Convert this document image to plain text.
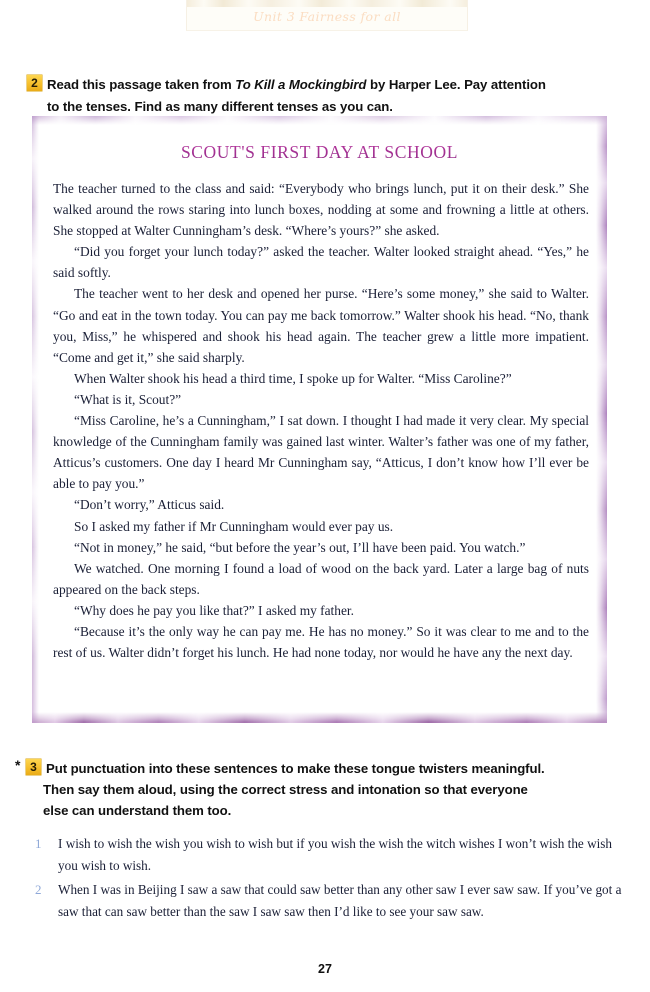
Unit 3 Fairness for all
2 Read this passage taken from To Kill a Mockingbird by Harper Lee. Pay attention
to the tenses. Find as many different tenses as you can.
SCOUT'S FIRST DAY AT SCHOOL

The teacher turned to the class and said: “Everybody who brings lunch, put it on their desk.” She walked around the rows staring into lunch boxes, nodding at some and frowning a little at others. She stopped at Walter Cunningham’s desk. “Where’s yours?” she asked.

“Did you forget your lunch today?” asked the teacher. Walter looked straight ahead. “Yes,” he said softly.

The teacher went to her desk and opened her purse. “Here’s some money,” she said to Walter. “Go and eat in the town today. You can pay me back tomorrow.” Walter shook his head. “No, thank you, Miss,” he whispered and shook his head again. The teacher grew a little more impatient. “Come and get it,” she said sharply.

When Walter shook his head a third time, I spoke up for Walter. “Miss Caroline?”

“What is it, Scout?”

“Miss Caroline, he’s a Cunningham,” I sat down. I thought I had made it very clear. My special knowledge of the Cunningham family was gained last winter. Walter’s father was one of my father, Atticus’s customers. One day I heard Mr Cunningham say, “Atticus, I don’t know how I’ll ever be able to pay you.”

“Don’t worry,” Atticus said.

So I asked my father if Mr Cunningham would ever pay us.

“Not in money,” he said, “but before the year’s out, I’ll have been paid. You watch.”

We watched. One morning I found a load of wood on the back yard. Later a large bag of nuts appeared on the back steps.

“Why does he pay you like that?” I asked my father.

“Because it’s the only way he can pay me. He has no money.” So it was clear to me and to the rest of us. Walter didn’t forget his lunch. He had none today, nor would he have any the next day.

* 3 Put punctuation into these sentences to make these tongue twisters meaningful.
Then say them aloud, using the correct stress and intonation so that everyone
else can understand them too.
1 I wish to wish the wish you wish to wish but if you wish the wish the witch wishes I won’t wish the wish you wish to wish.
2 When I was in Beijing I saw a saw that could saw better than any other saw I ever saw saw. If you’ve got a saw that can saw better than the saw I saw saw then I’d like to see your saw saw.
27
